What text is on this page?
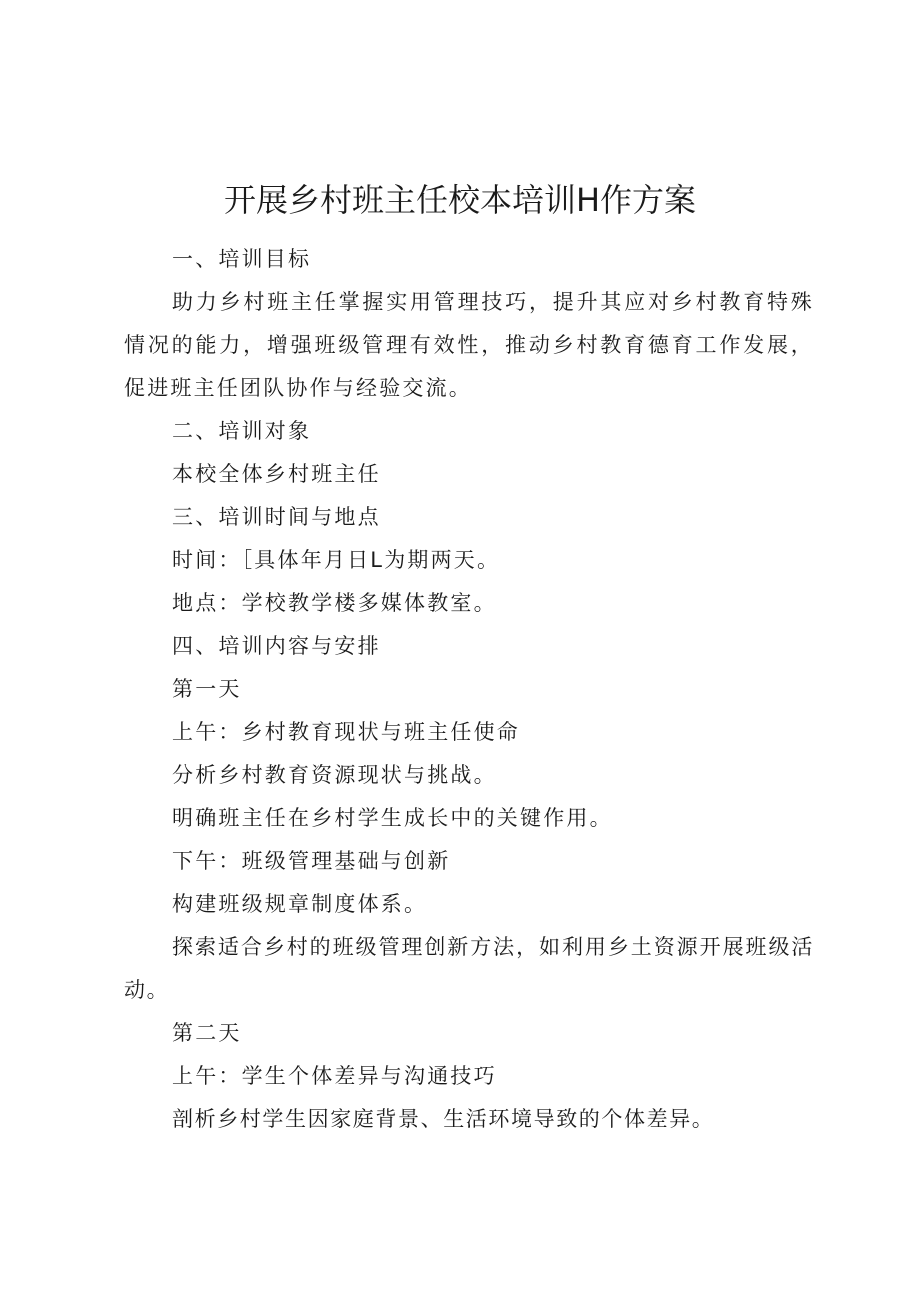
开展乡村班主任校本培训H作方案

一、培训目标

助力乡村班主任掌握实用管理技巧，提升其应对乡村教育特殊情况的能力，增强班级管理有效性，推动乡村教育德育工作发展，促进班主任团队协作与经验交流。

二、培训对象

本校全体乡村班主任

三、培训时间与地点

时间：［具体年月日L为期两天。

地点：学校教学楼多媒体教室。

四、培训内容与安排

第一天

上午：乡村教育现状与班主任使命

分析乡村教育资源现状与挑战。

明确班主任在乡村学生成长中的关键作用。

下午：班级管理基础与创新

构建班级规章制度体系。

探索适合乡村的班级管理创新方法，如利用乡土资源开展班级活动。

第二天

上午：学生个体差异与沟通技巧

剖析乡村学生因家庭背景、生活环境导致的个体差异。
